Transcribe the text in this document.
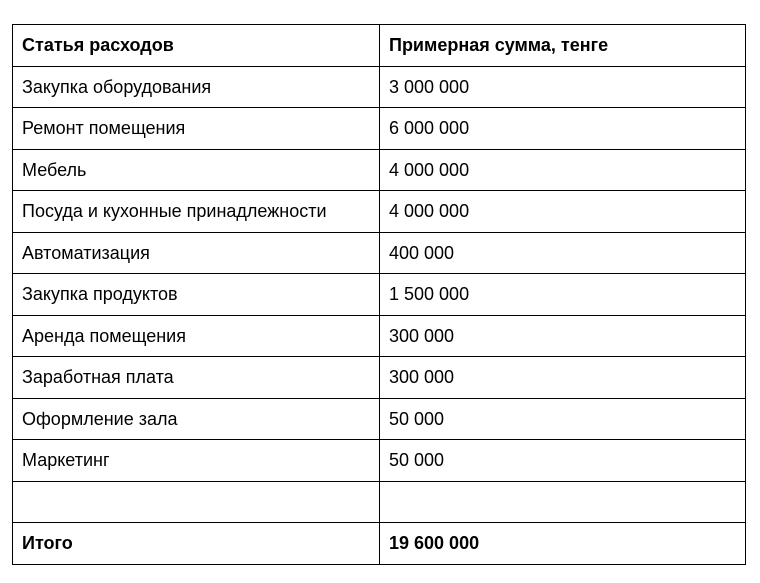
Статья расходов	Примерная сумма, тенге
Закупка оборудования	3 000 000
Ремонт помещения	6 000 000
Мебель	4 000 000
Посуда и кухонные принадлежности	4 000 000
Автоматизация	400 000
Закупка продуктов	1 500 000
Аренда помещения	300 000
Заработная плата	300 000
Оформление зала	50 000
Маркетинг	50 000

Итого	19 600 000
